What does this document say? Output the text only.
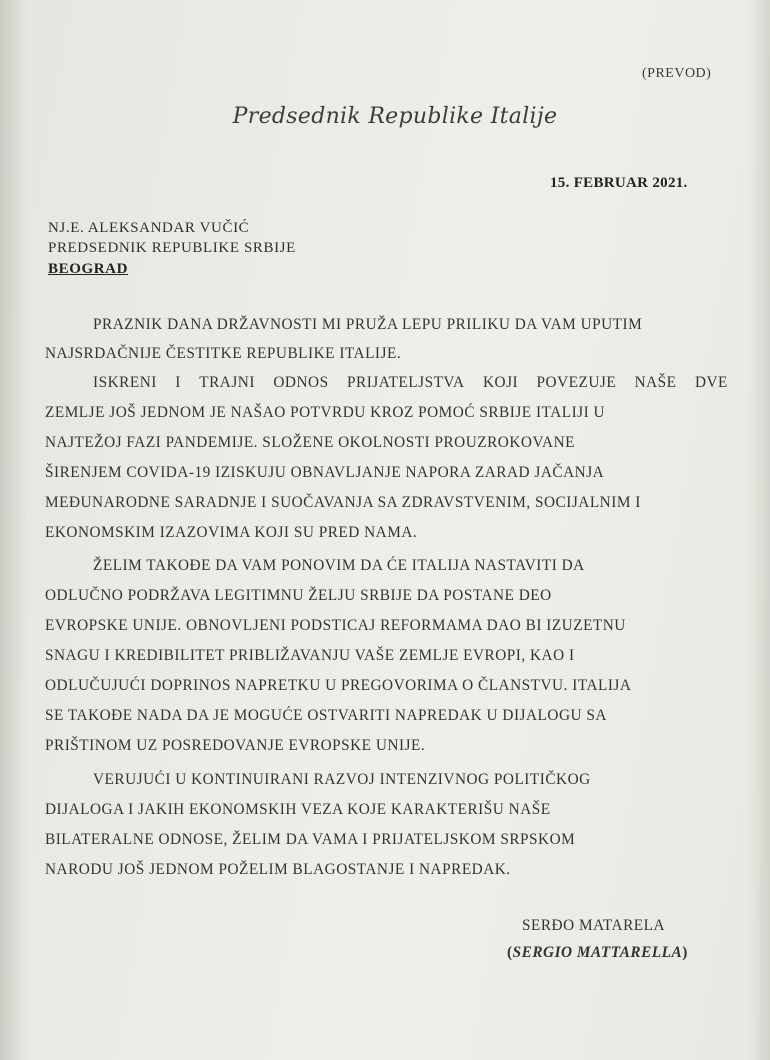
(PREVOD)
Predsednik Republike Italije
15. FEBRUAR 2021.
NJ.E. ALEKSANDAR VUČIĆ
PREDSEDNIK REPUBLIKE SRBIJE
BEOGRAD
PRAZNIK DANA DRŽAVNOSTI MI PRUŽA LEPU PRILIKU DA VAM UPUTIM
NAJSRDAČNIJE ČESTITKE REPUBLIKE ITALIJE.
ISKRENI I TRAJNI ODNOS PRIJATELJSTVA KOJI POVEZUJE NAŠE DVE
ZEMLJE JOŠ JEDNOM JE NAŠAO POTVRDU KROZ POMOĆ SRBIJE ITALIJI U
NAJTEŽOJ FAZI PANDEMIJE. SLOŽENE OKOLNOSTI PROUZROKOVANE
ŠIRENJEM COVIDA-19 IZISKUJU OBNAVLJANJE NAPORA ZARAD JAČANJA
MEĐUNARODNE SARADNJE I SUOČAVANJA SA ZDRAVSTVENIM, SOCIJALNIM I
EKONOMSKIM IZAZOVIMA KOJI SU PRED NAMA.
ŽELIM TAKOĐE DA VAM PONOVIM DA ĆE ITALIJA NASTAVITI DA
ODLUČNO PODRŽAVA LEGITIMNU ŽELJU SRBIJE DA POSTANE DEO
EVROPSKE UNIJE. OBNOVLJENI PODSTICAJ REFORMAMA DAO BI IZUZETNU
SNAGU I KREDIBILITET PRIBLIŽAVANJU VAŠE ZEMLJE EVROPI, KAO I
ODLUČUJUĆI DOPRINOS NAPRETKU U PREGOVORIMA O ČLANSTVU. ITALIJA
SE TAKOĐE NADA DA JE MOGUĆE OSTVARITI NAPREDAK U DIJALOGU SA
PRIŠTINOM UZ POSREDOVANJE EVROPSKE UNIJE.
VERUJUĆI U KONTINUIRANI RAZVOJ INTENZIVNOG POLITIČKOG
DIJALOGA I JAKIH EKONOMSKIH VEZA KOJE KARAKTERIŠU NAŠE
BILATERALNE ODNOSE, ŽELIM DA VAMA I PRIJATELJSKOM SRPSKOM
NARODU JOŠ JEDNOM POŽELIM BLAGOSTANJE I NAPREDAK.
SERĐO MATARELA
(SERGIO MATTARELLA)
